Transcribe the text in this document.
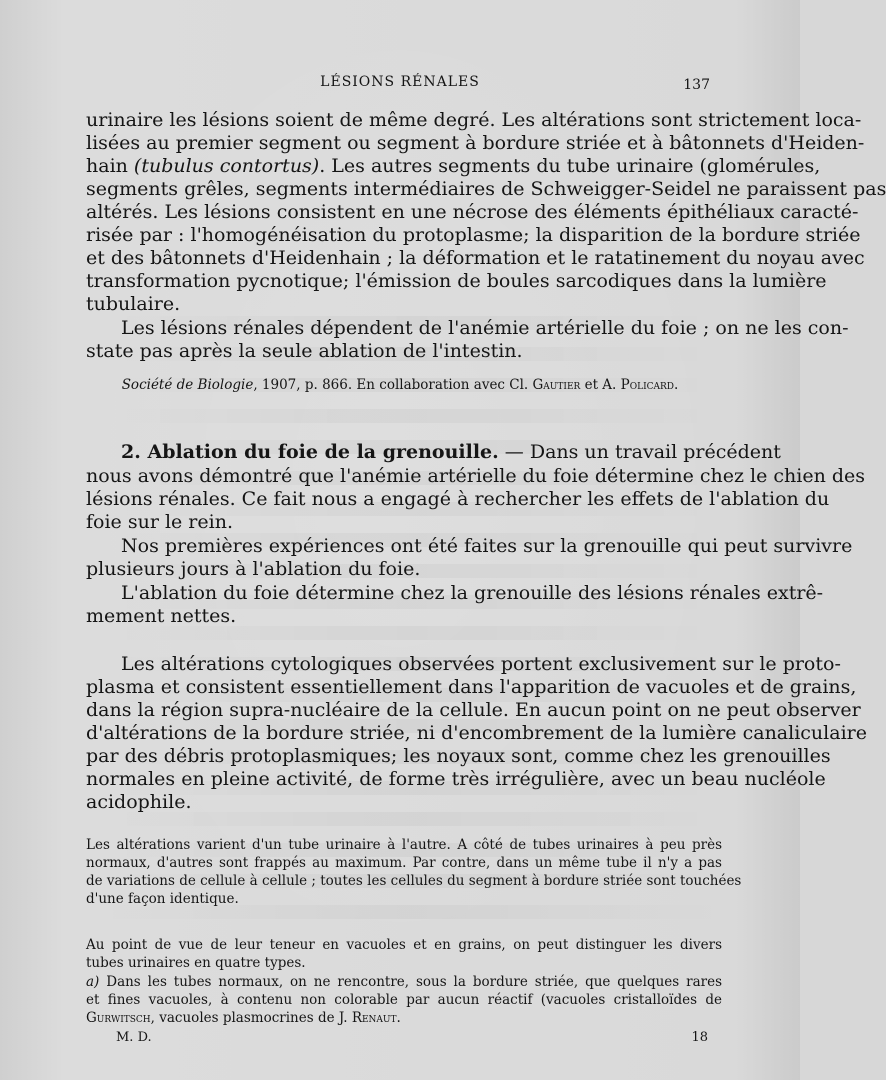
LÉSIONS RÉNALES	137
urinaire les lésions soient de même degré. Les altérations sont strictement loca-
lisées au premier segment ou segment à bordure striée et à bâtonnets d'Heiden-
hain (tubulus contortus). Les autres segments du tube urinaire (glomérules,
segments grêles, segments intermédiaires de Schweigger-Seidel ne paraissent pas
altérés. Les lésions consistent en une nécrose des éléments épithéliaux caracté-
risée par : l'homogénéisation du protoplasme; la disparition de la bordure striée
et des bâtonnets d'Heidenhain ; la déformation et le ratatinement du noyau avec
transformation pycnotique; l'émission de boules sarcodiques dans la lumière
tubulaire.
Les lésions rénales dépendent de l'anémie artérielle du foie ; on ne les con-
state pas après la seule ablation de l'intestin.
Société de Biologie, 1907, p. 866. En collaboration avec Cl. Gautier et A. Policard.
2. Ablation du foie de la grenouille. — Dans un travail précédent
nous avons démontré que l'anémie artérielle du foie détermine chez le chien des
lésions rénales. Ce fait nous a engagé à rechercher les effets de l'ablation du
foie sur le rein.
Nos premières expériences ont été faites sur la grenouille qui peut survivre
plusieurs jours à l'ablation du foie.
L'ablation du foie détermine chez la grenouille des lésions rénales extrê-
mement nettes.
Les altérations cytologiques observées portent exclusivement sur le proto-
plasma et consistent essentiellement dans l'apparition de vacuoles et de grains,
dans la région supra-nucléaire de la cellule. En aucun point on ne peut observer
d'altérations de la bordure striée, ni d'encombrement de la lumière canaliculaire
par des débris protoplasmiques; les noyaux sont, comme chez les grenouilles
normales en pleine activité, de forme très irrégulière, avec un beau nucléole
acidophile.
Les altérations varient d'un tube urinaire à l'autre. A côté de tubes urinaires à peu près
normaux, d'autres sont frappés au maximum. Par contre, dans un même tube il n'y a pas
de variations de cellule à cellule ; toutes les cellules du segment à bordure striée sont touchées
d'une façon identique.
Au point de vue de leur teneur en vacuoles et en grains, on peut distinguer les divers
tubes urinaires en quatre types.
a) Dans les tubes normaux, on ne rencontre, sous la bordure striée, que quelques rares
et fines vacuoles, à contenu non colorable par aucun réactif (vacuoles cristalloïdes de
Gurwitsch, vacuoles plasmocrines de J. Renaut.
M. D.	18
